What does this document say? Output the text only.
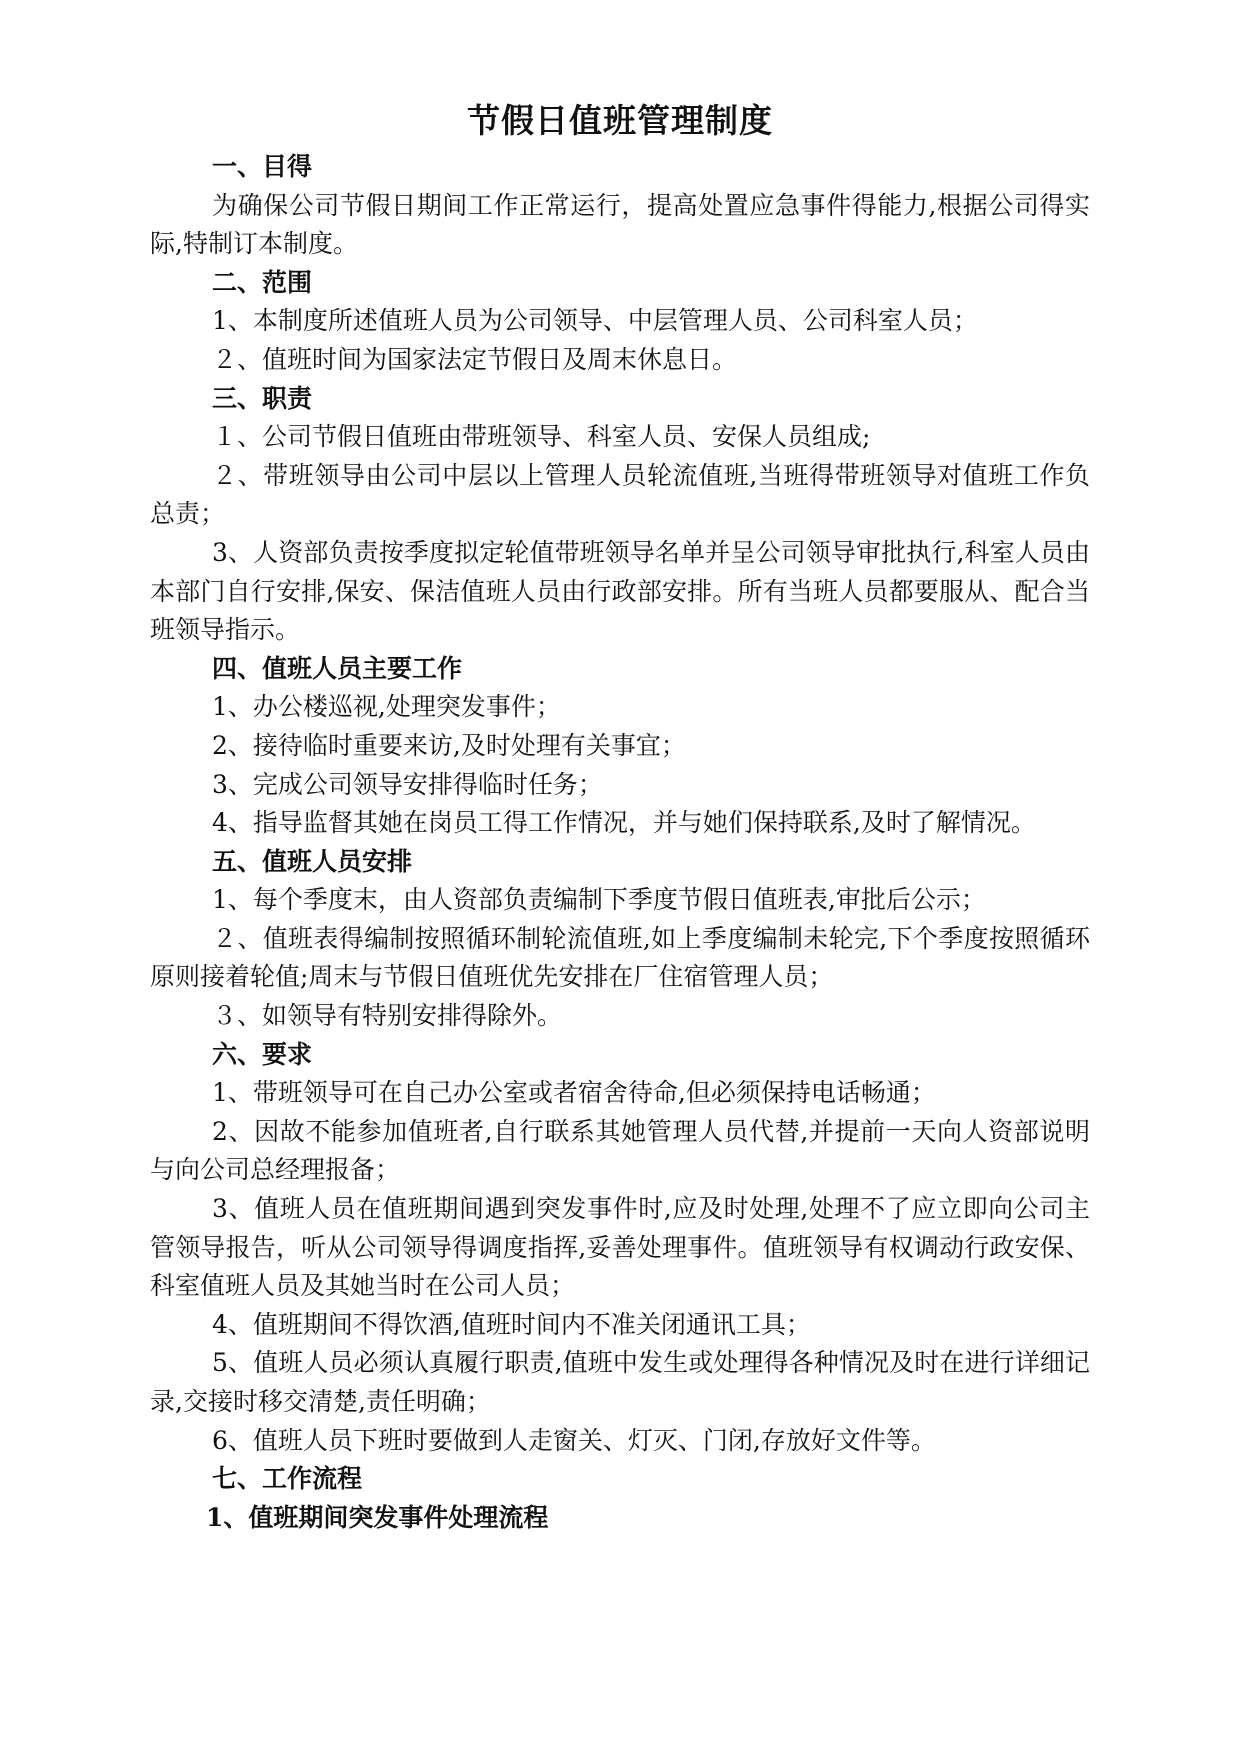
节假日值班管理制度
一、目得

为确保公司节假日期间工作正常运行，提高处置应急事件得能力,根据公司得实际,特制订本制度。

二、范围

1、本制度所述值班人员为公司领导、中层管理人员、公司科室人员；

２、值班时间为国家法定节假日及周末休息日。

三、职责

１、公司节假日值班由带班领导、科室人员、安保人员组成;

２、带班领导由公司中层以上管理人员轮流值班,当班得带班领导对值班工作负总责；

3、人资部负责按季度拟定轮值带班领导名单并呈公司领导审批执行,科室人员由本部门自行安排,保安、保洁值班人员由行政部安排。所有当班人员都要服从、配合当班领导指示。

四、值班人员主要工作

1、办公楼巡视,处理突发事件；

2、接待临时重要来访,及时处理有关事宜；

3、完成公司领导安排得临时任务；

4、指导监督其她在岗员工得工作情况，并与她们保持联系,及时了解情况。

五、值班人员安排

1、每个季度末，由人资部负责编制下季度节假日值班表,审批后公示；

２、值班表得编制按照循环制轮流值班,如上季度编制未轮完,下个季度按照循环原则接着轮值;周末与节假日值班优先安排在厂住宿管理人员；

３、如领导有特别安排得除外。

六、要求

1、带班领导可在自己办公室或者宿舍待命,但必须保持电话畅通；

2、因故不能参加值班者,自行联系其她管理人员代替,并提前一天向人资部说明与向公司总经理报备；

3、值班人员在值班期间遇到突发事件时,应及时处理,处理不了应立即向公司主管领导报告，听从公司领导得调度指挥,妥善处理事件。值班领导有权调动行政安保、科室值班人员及其她当时在公司人员；

4、值班期间不得饮酒,值班时间内不准关闭通讯工具；

5、值班人员必须认真履行职责,值班中发生或处理得各种情况及时在进行详细记录,交接时移交清楚,责任明确；

6、值班人员下班时要做到人走窗关、灯灭、门闭,存放好文件等。

七、工作流程
1、值班期间突发事件处理流程
